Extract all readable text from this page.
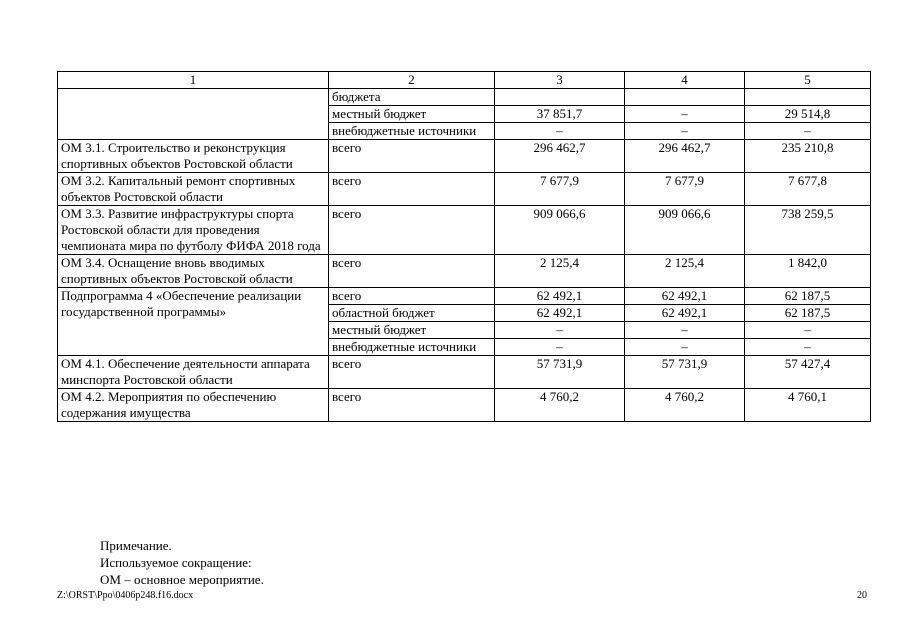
1	2	3	4	5
	бюджета			
	местный бюджет	37 851,7	–	29 514,8
	внебюджетные источники	–	–	–
ОМ 3.1. Строительство и реконструкция спортивных объектов Ростовской области	всего	296 462,7	296 462,7	235 210,8
ОМ 3.2. Капитальный ремонт спортивных объектов Ростовской области	всего	7 677,9	7 677,9	7 677,8
ОМ 3.3. Развитие инфраструктуры спорта Ростовской области для проведения чемпионата мира по футболу ФИФА 2018 года	всего	909 066,6	909 066,6	738 259,5
ОМ 3.4. Оснащение вновь вводимых спортивных объектов Ростовской области	всего	2 125,4	2 125,4	1 842,0
Подпрограмма 4 «Обеспечение реализации государственной программы»	всего	62 492,1	62 492,1	62 187,5
	областной бюджет	62 492,1	62 492,1	62 187,5
	местный бюджет	–	–	–
	внебюджетные источники	–	–	–
ОМ 4.1. Обеспечение деятельности аппарата минспорта Ростовской области	всего	57 731,9	57 731,9	57 427,4
ОМ 4.2. Мероприятия по обеспечению содержания имущества	всего	4 760,2	4 760,2	4 760,1
Примечание.
Используемое сокращение:
ОМ – основное мероприятие.
Z:\ORST\Ppo\0406p248.f16.docx	20
